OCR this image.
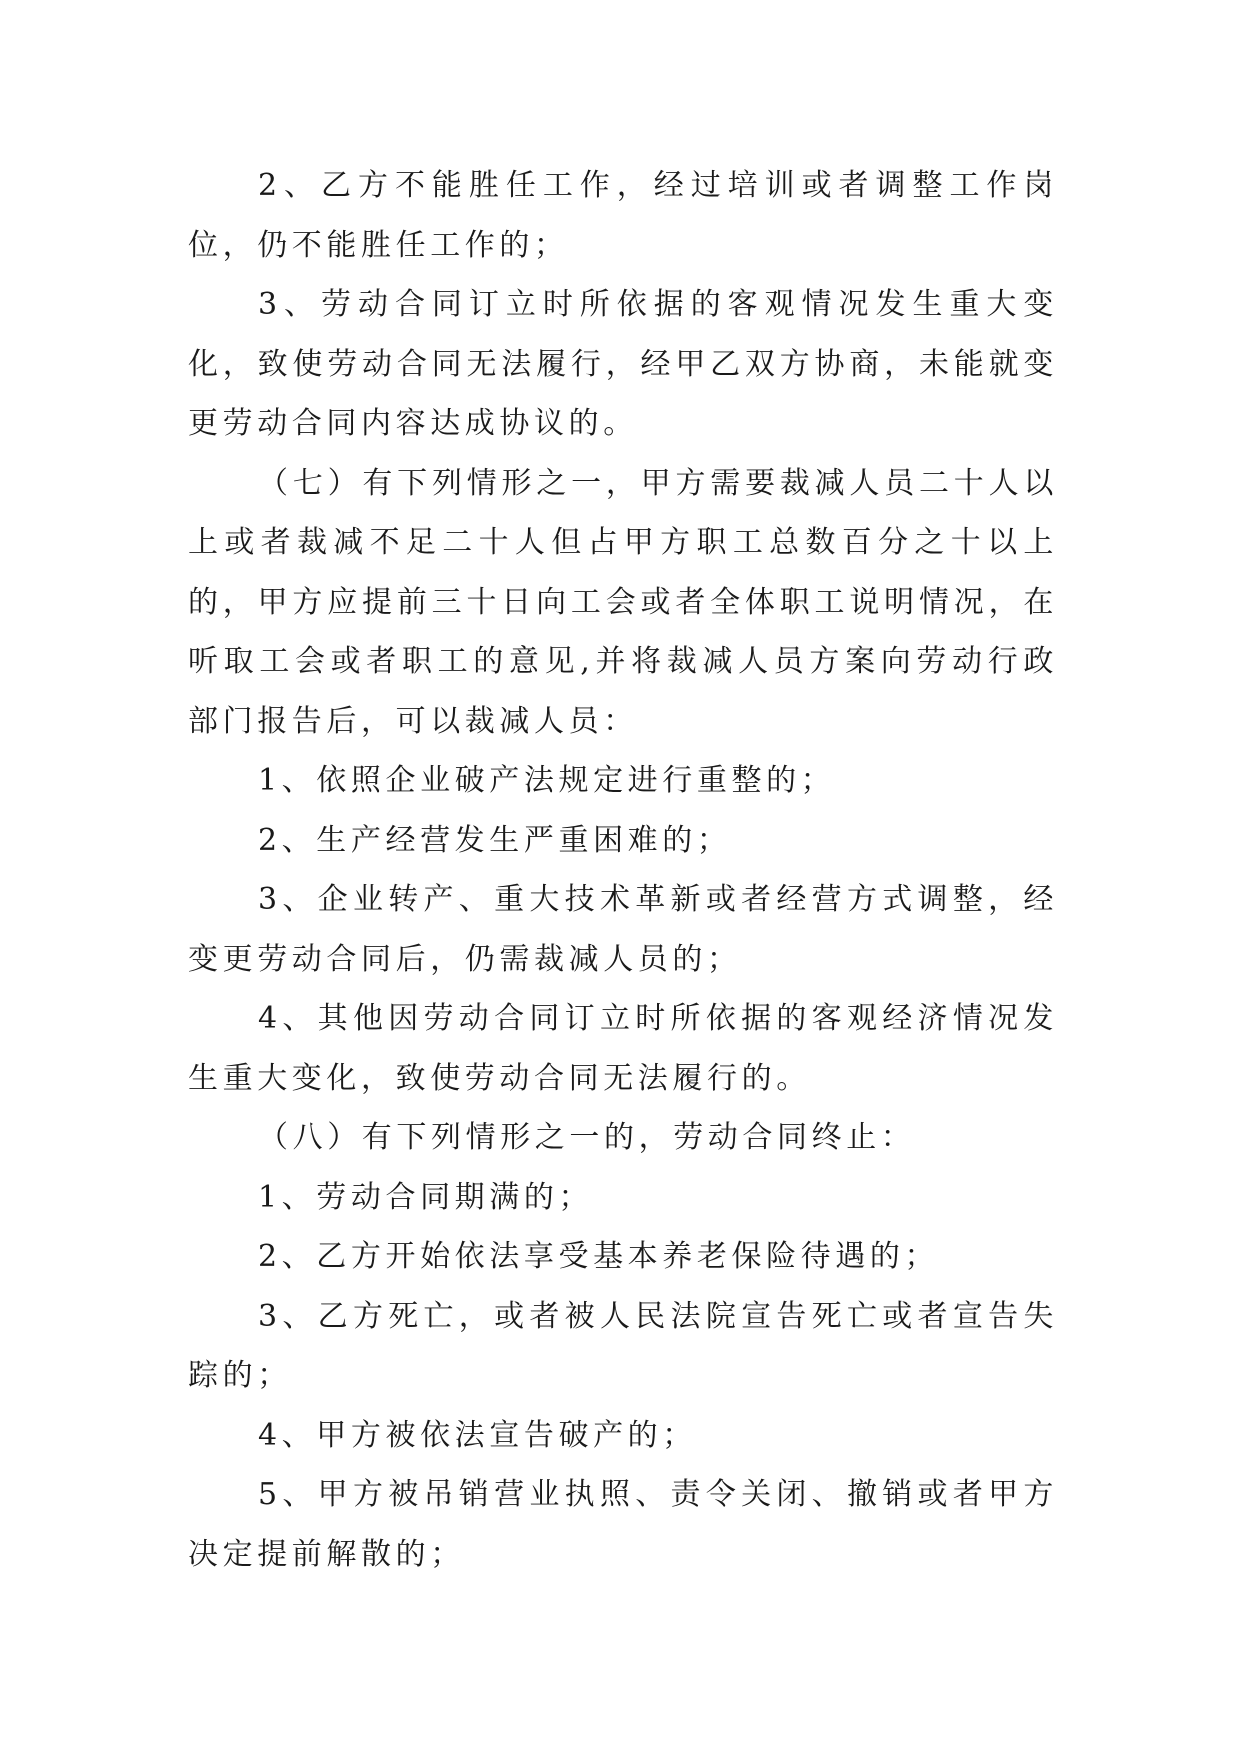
2、乙方不能胜任工作，经过培训或者调整工作岗位，仍不能胜任工作的；

3、劳动合同订立时所依据的客观情况发生重大变化，致使劳动合同无法履行，经甲乙双方协商，未能就变更劳动合同内容达成协议的。

（七）有下列情形之一，甲方需要裁减人员二十人以上或者裁减不足二十人但占甲方职工总数百分之十以上的，甲方应提前三十日向工会或者全体职工说明情况，在听取工会或者职工的意见,并将裁减人员方案向劳动行政部门报告后，可以裁减人员：

1、依照企业破产法规定进行重整的；

2、生产经营发生严重困难的；

3、企业转产、重大技术革新或者经营方式调整，经变更劳动合同后，仍需裁减人员的；

4、其他因劳动合同订立时所依据的客观经济情况发生重大变化，致使劳动合同无法履行的。

（八）有下列情形之一的，劳动合同终止：

1、劳动合同期满的；

2、乙方开始依法享受基本养老保险待遇的；

3、乙方死亡，或者被人民法院宣告死亡或者宣告失踪的；

4、甲方被依法宣告破产的；

5、甲方被吊销营业执照、责令关闭、撤销或者甲方决定提前解散的；
